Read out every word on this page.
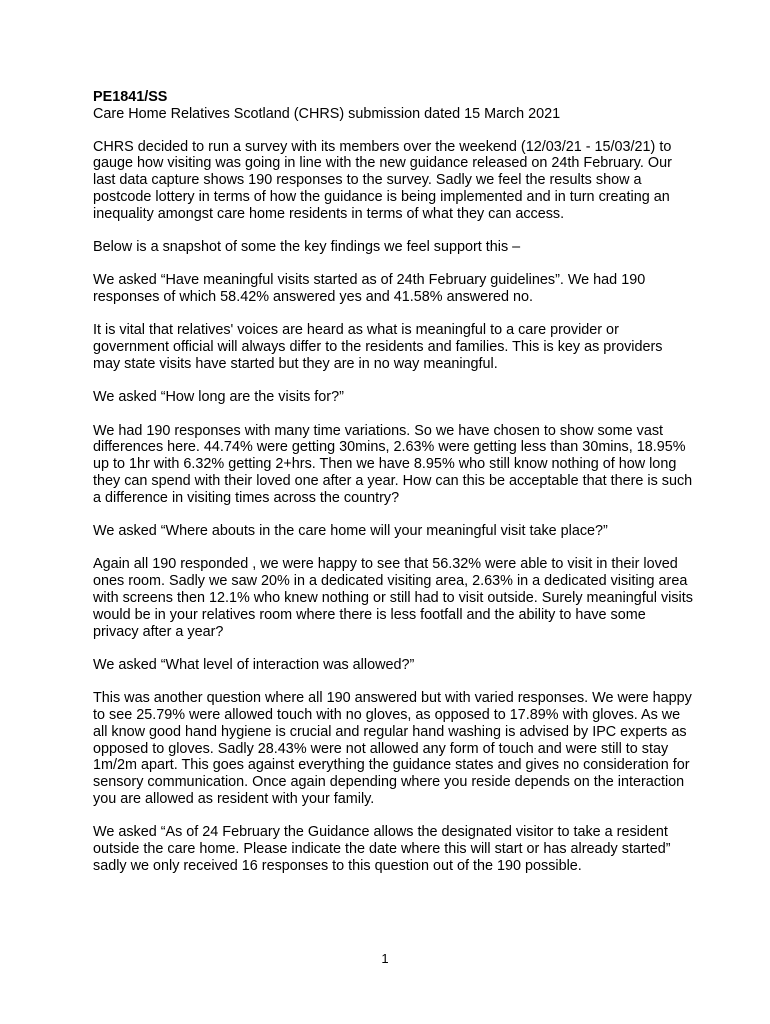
PE1841/SS

Care Home Relatives Scotland (CHRS) submission dated 15 March 2021

CHRS decided to run a survey with its members over the weekend (12/03/21 - 15/03/21) to gauge how visiting was going in line with the new guidance released on 24th February. Our last data capture shows 190 responses to the survey. Sadly we feel the results show a postcode lottery in terms of how the guidance is being implemented and in turn creating an inequality amongst care home residents in terms of what they can access.

Below is a snapshot of some the key findings we feel support this –

We asked “Have meaningful visits started as of 24th February guidelines”. We had 190 responses of which 58.42% answered yes and 41.58% answered no.

It is vital that relatives' voices are heard as what is meaningful to a care provider or government official will always differ to the residents and families. This is key as providers may state visits have started but they are in no way meaningful.

We asked “How long are the visits for?”

We had 190 responses with many time variations. So we have chosen to show some vast differences here. 44.74% were getting 30mins, 2.63% were getting less than 30mins, 18.95% up to 1hr with 6.32% getting 2+hrs. Then we have 8.95% who still know nothing of how long they can spend with their loved one after a year. How can this be acceptable that there is such a difference in visiting times across the country?

We asked “Where abouts in the care home will your meaningful visit take place?”

Again all 190 responded , we were happy to see that 56.32% were able to visit in their loved ones room. Sadly we saw 20% in a dedicated visiting area, 2.63% in a dedicated visiting area with screens then 12.1% who knew nothing or still had to visit outside. Surely meaningful visits would be in your relatives room where there is less footfall and the ability to have some privacy after a year?

We asked “What level of interaction was allowed?”

This was another question where all 190 answered but with varied responses. We were happy to see 25.79% were allowed touch with no gloves, as opposed to 17.89% with gloves. As we all know good hand hygiene is crucial and regular hand washing is advised by IPC experts as opposed to gloves. Sadly 28.43% were not allowed any form of touch and were still to stay 1m/2m apart. This goes against everything the guidance states and gives no consideration for sensory communication. Once again depending where you reside depends on the interaction you are allowed as resident with your family.

We asked “As of 24 February the Guidance allows the designated visitor to take a resident outside the care home. Please indicate the date where this will start or has already started” sadly we only received 16 responses to this question out of the 190 possible.

1
